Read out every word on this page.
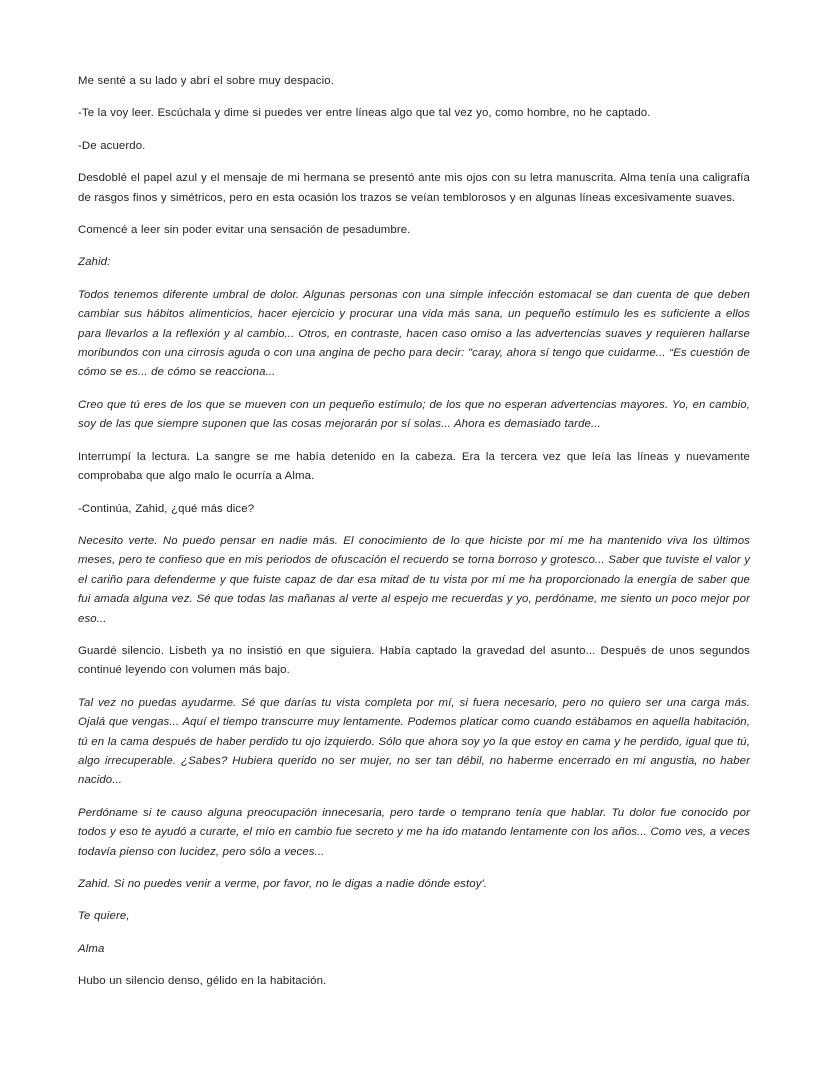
Me senté a su lado y abrí el sobre muy despacio.

-Te la voy leer. Escúchala y dime si puedes ver entre líneas algo que tal vez yo, como hombre, no he captado.

-De acuerdo.

Desdoblé el papel azul y el mensaje de mi hermana se presentó ante mis ojos con su letra manuscrita. Alma tenía una caligrafía de rasgos finos y simétricos, pero en esta ocasión los trazos se veían temblorosos y en algunas líneas excesivamente suaves.

Comencé a leer sin poder evitar una sensación de pesadumbre.

Zahid:

Todos tenemos diferente umbral de dolor. Algunas personas con una simple infección estomacal se dan cuenta de que deben cambiar sus hábitos alimenticios, hacer ejercicio y procurar una vida más sana, un pequeño estímulo les es suficiente a ellos para llevarlos a la reflexión y al cambio... Otros, en contraste, hacen caso omiso a las advertencias suaves y requieren hallarse moribundos con una cirrosis aguda o con una angina de pecho para decir: "caray, ahora sí tengo que cuidarme... “Es cuestión de cómo se es... de cómo se reacciona...

Creo que tú eres de los que se mueven con un pequeño estímulo; de los que no esperan advertencias mayores. Yo, en cambio, soy de las que siempre suponen que las cosas mejorarán por sí solas... Ahora es demasiado tarde...

Interrumpí la lectura. La sangre se me había detenido en la cabeza. Era la tercera vez que leía las líneas y nuevamente comprobaba que algo malo le ocurría a Alma.

-Continúa, Zahid, ¿qué más dice?

Necesito verte. No puedo pensar en nadie más. El conocimiento de lo que hiciste por mí me ha mantenido viva los últimos meses, pero te confieso que en mis periodos de ofuscación el recuerdo se torna borroso y grotesco... Saber que tuviste el valor y el cariño para defenderme y que fuiste capaz de dar esa mitad de tu vista por mí me ha proporcionado la energía de saber que fui amada alguna vez. Sé que todas las mañanas al verte al espejo me recuerdas y yo, perdóname, me siento un poco mejor por eso...

Guardé silencio. Lisbeth ya no insistió en que siguiera. Había captado la gravedad del asunto... Después de unos segundos continué leyendo con volumen más bajo.

Tal vez no puedas ayudarme. Sé que darías tu vista completa por mí, si fuera necesario, pero no quiero ser una carga más. Ojalá que vengas... Aquí el tiempo transcurre muy lentamente. Podemos platicar como cuando estábamos en aquella habitación, tú en la cama después de haber perdido tu ojo izquierdo. Sólo que ahora soy yo la que estoy en cama y he perdido, igual que tú, algo irrecuperable. ¿Sabes? Hubiera querido no ser mujer, no ser tan débil, no haberme encerrado en mi angustia, no haber nacido...

Perdóname si te causo alguna preocupación innecesaria, pero tarde o temprano tenía que hablar. Tu dolor fue conocido por todos y eso te ayudó a curarte, el mío en cambio fue secreto y me ha ido matando lentamente con los años... Como ves, a veces todavía pienso con lucidez, pero sólo a veces...

Zahid. Si no puedes venir a verme, por favor, no le digas a nadie dónde estoy'.

Te quiere,

Alma

Hubo un silencio denso, gélido en la habitación.
